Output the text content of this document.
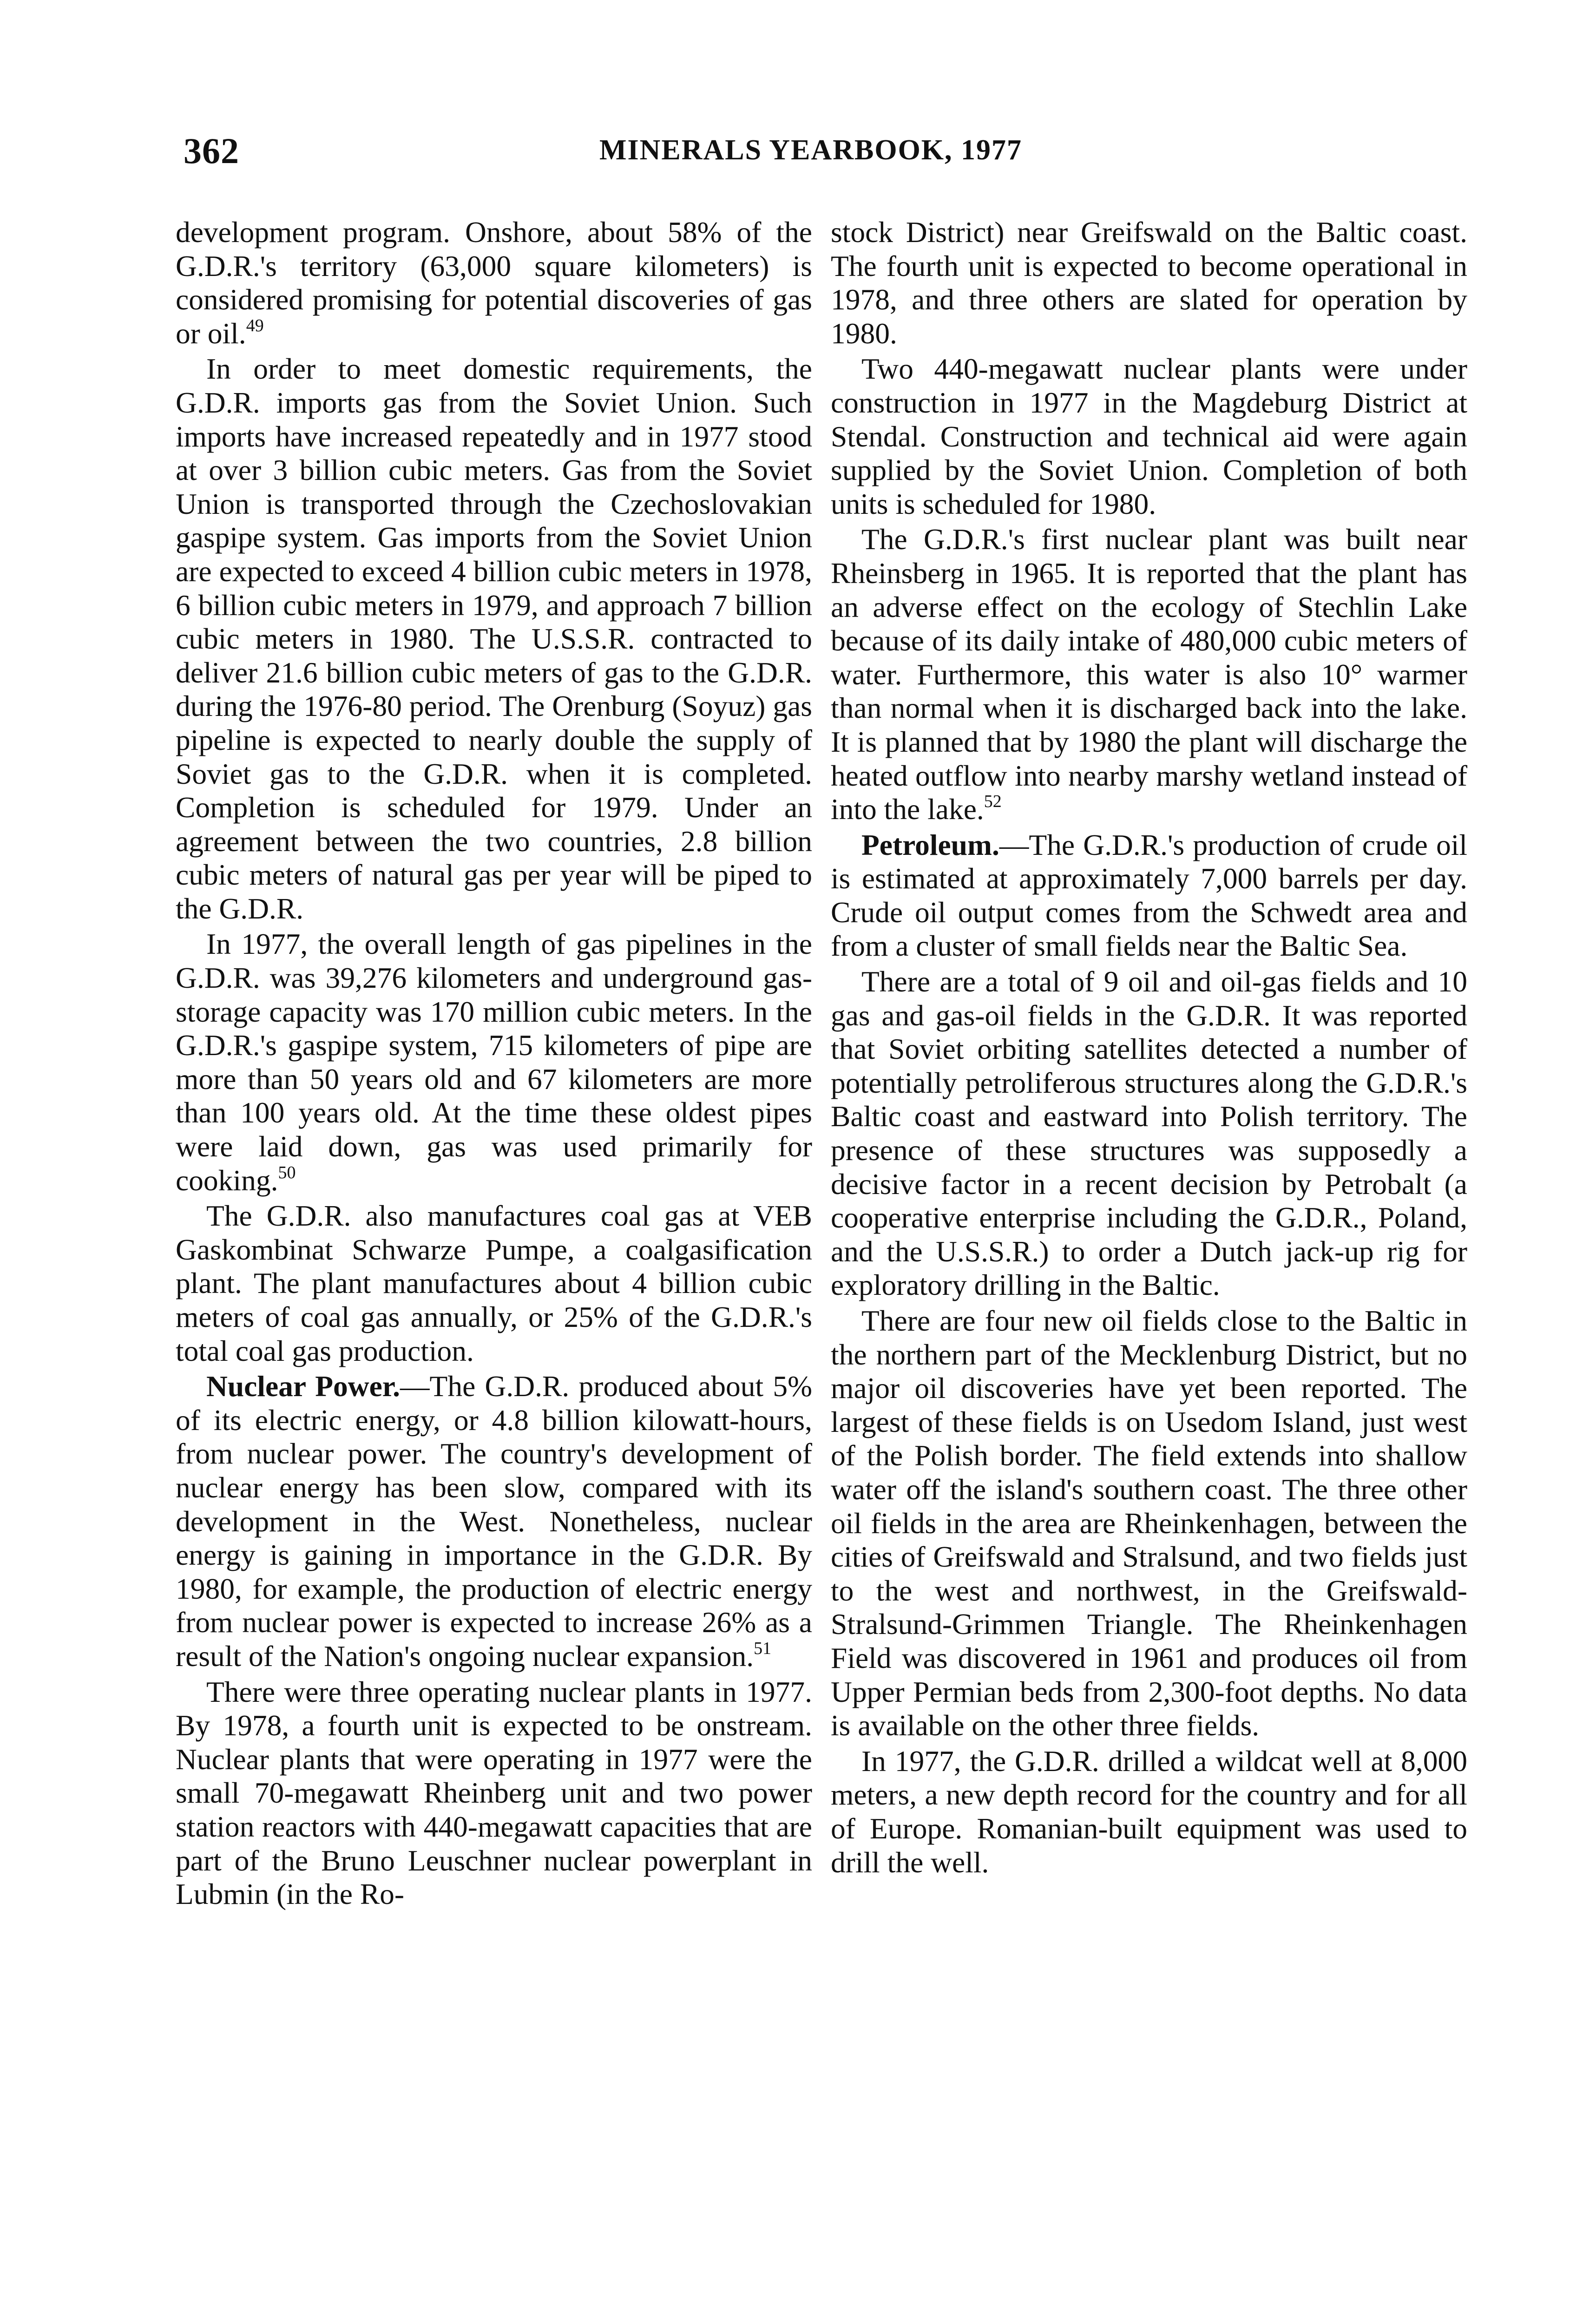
362	MINERALS YEARBOOK, 1977

development program. Onshore, about 58% of the G.D.R.'s territory (63,000 square kilometers) is considered promising for potential discoveries of gas or oil.$^{49}$

In order to meet domestic requirements, the G.D.R. imports gas from the Soviet Union. Such imports have increased repeatedly and in 1977 stood at over 3 billion cubic meters. Gas from the Soviet Union is transported through the Czechoslovakian gaspipe system. Gas imports from the Soviet Union are expected to exceed 4 billion cubic meters in 1978, 6 billion cubic meters in 1979, and approach 7 billion cubic meters in 1980. The U.S.S.R. contracted to deliver 21.6 billion cubic meters of gas to the G.D.R. during the 1976-80 period. The Orenburg (Soyuz) gas pipeline is expected to nearly double the supply of Soviet gas to the G.D.R. when it is completed. Completion is scheduled for 1979. Under an agreement between the two countries, 2.8 billion cubic meters of natural gas per year will be piped to the G.D.R.

In 1977, the overall length of gas pipelines in the G.D.R. was 39,276 kilometers and underground gas-storage capacity was 170 million cubic meters. In the G.D.R.'s gaspipe system, 715 kilometers of pipe are more than 50 years old and 67 kilometers are more than 100 years old. At the time these oldest pipes were laid down, gas was used primarily for cooking.$^{50}$

The G.D.R. also manufactures coal gas at VEB Gaskombinat Schwarze Pumpe, a coalgasification plant. The plant manufactures about 4 billion cubic meters of coal gas annually, or 25% of the G.D.R.'s total coal gas production.

Nuclear Power.—The G.D.R. produced about 5% of its electric energy, or 4.8 billion kilowatt-hours, from nuclear power. The country's development of nuclear energy has been slow, compared with its development in the West. Nonetheless, nuclear energy is gaining in importance in the G.D.R. By 1980, for example, the production of electric energy from nuclear power is expected to increase 26% as a result of the Nation's ongoing nuclear expansion.$^{51}$

There were three operating nuclear plants in 1977. By 1978, a fourth unit is expected to be onstream. Nuclear plants that were operating in 1977 were the small 70-megawatt Rheinberg unit and two power station reactors with 440-megawatt capacities that are part of the Bruno Leuschner nuclear powerplant in Lubmin (in the Ro-

stock District) near Greifswald on the Baltic coast. The fourth unit is expected to become operational in 1978, and three others are slated for operation by 1980.

Two 440-megawatt nuclear plants were under construction in 1977 in the Magdeburg District at Stendal. Construction and technical aid were again supplied by the Soviet Union. Completion of both units is scheduled for 1980.

The G.D.R.'s first nuclear plant was built near Rheinsberg in 1965. It is reported that the plant has an adverse effect on the ecology of Stechlin Lake because of its daily intake of 480,000 cubic meters of water. Furthermore, this water is also 10° warmer than normal when it is discharged back into the lake. It is planned that by 1980 the plant will discharge the heated outflow into nearby marshy wetland instead of into the lake.$^{52}$

Petroleum.—The G.D.R.'s production of crude oil is estimated at approximately 7,000 barrels per day. Crude oil output comes from the Schwedt area and from a cluster of small fields near the Baltic Sea.

There are a total of 9 oil and oil-gas fields and 10 gas and gas-oil fields in the G.D.R. It was reported that Soviet orbiting satellites detected a number of potentially petroliferous structures along the G.D.R.'s Baltic coast and eastward into Polish territory. The presence of these structures was supposedly a decisive factor in a recent decision by Petrobalt (a cooperative enterprise including the G.D.R., Poland, and the U.S.S.R.) to order a Dutch jack-up rig for exploratory drilling in the Baltic.

There are four new oil fields close to the Baltic in the northern part of the Mecklenburg District, but no major oil discoveries have yet been reported. The largest of these fields is on Usedom Island, just west of the Polish border. The field extends into shallow water off the island's southern coast. The three other oil fields in the area are Rheinkenhagen, between the cities of Greifswald and Stralsund, and two fields just to the west and northwest, in the Greifswald-Stralsund-Grimmen Triangle. The Rheinkenhagen Field was discovered in 1961 and produces oil from Upper Permian beds from 2,300-foot depths. No data is available on the other three fields.

In 1977, the G.D.R. drilled a wildcat well at 8,000 meters, a new depth record for the country and for all of Europe. Romanian-built equipment was used to drill the well.
